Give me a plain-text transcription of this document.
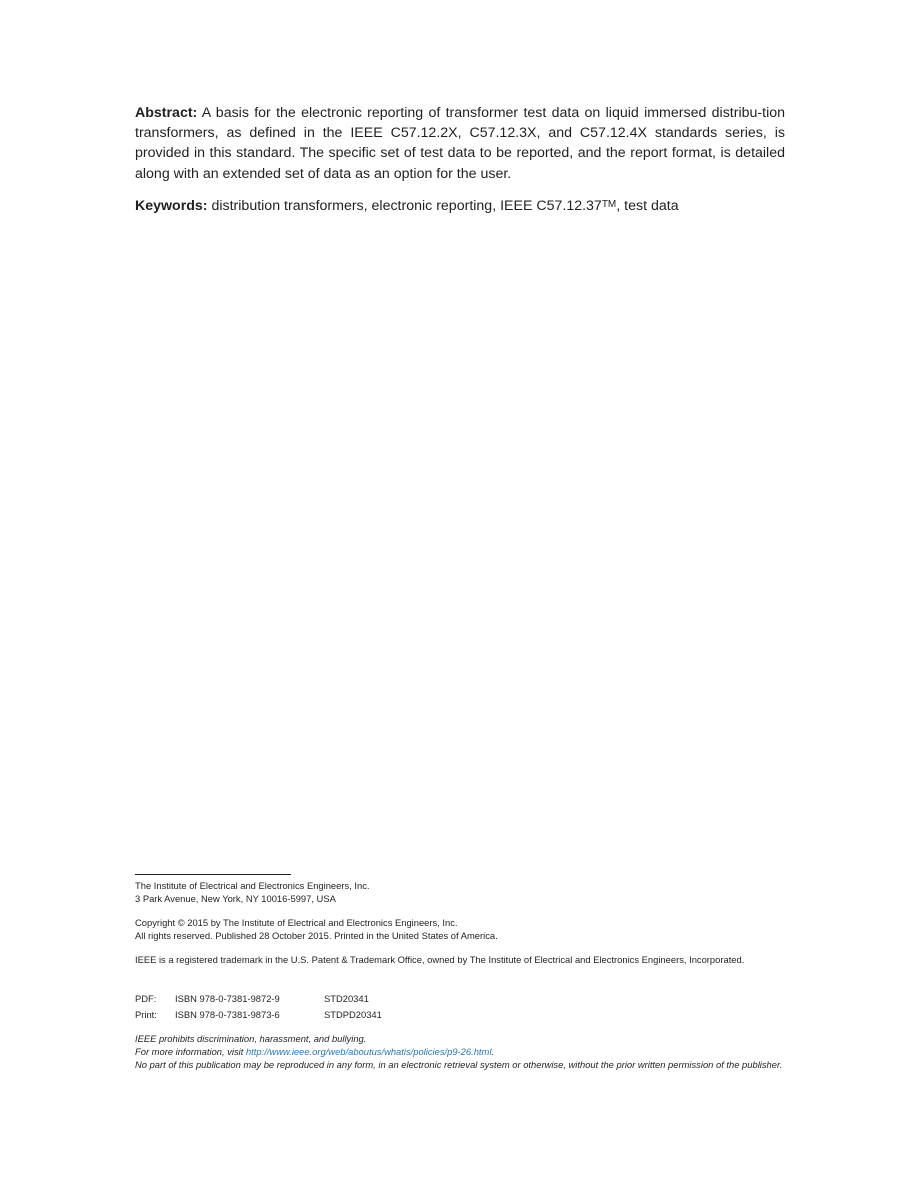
Abstract: A basis for the electronic reporting of transformer test data on liquid immersed distribu-tion transformers, as defined in the IEEE C57.12.2X, C57.12.3X, and C57.12.4X standards series, is provided in this standard. The specific set of test data to be reported, and the report format, is detailed along with an extended set of data as an option for the user.

Keywords: distribution transformers, electronic reporting, IEEE C57.12.37™, test data

The Institute of Electrical and Electronics Engineers, Inc.
3 Park Avenue, New York, NY 10016-5997, USA

Copyright © 2015 by The Institute of Electrical and Electronics Engineers, Inc.
All rights reserved. Published 28 October 2015. Printed in the United States of America.

IEEE is a registered trademark in the U.S. Patent & Trademark Office, owned by The Institute of Electrical and Electronics Engineers, Incorporated.

PDF:	ISBN 978-0-7381-9872-9	STD20341
Print:	ISBN 978-0-7381-9873-6	STDPD20341

IEEE prohibits discrimination, harassment, and bullying.
For more information, visit http://www.ieee.org/web/aboutus/whatis/policies/p9-26.html.
No part of this publication may be reproduced in any form, in an electronic retrieval system or otherwise, without the prior written permission of the publisher.
